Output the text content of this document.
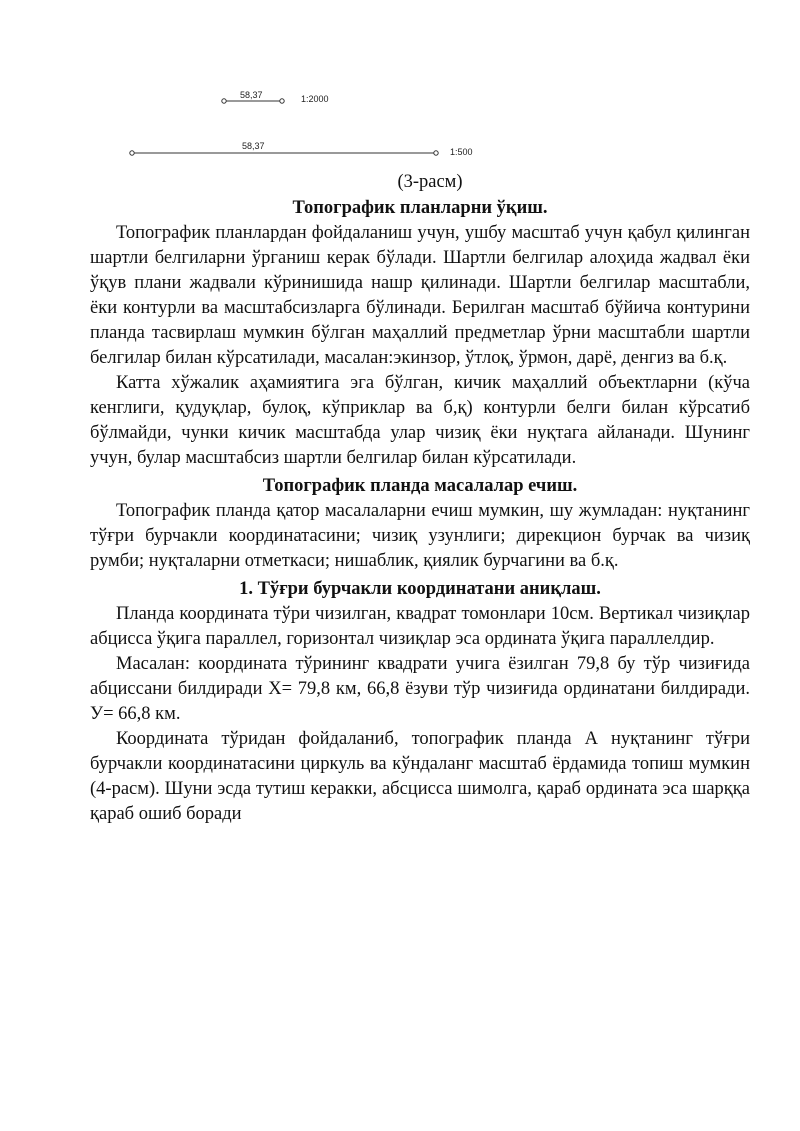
58,37	1:2000
58,37
1:500
(3-расм)
Топографик планларни ўқиш.

Топографик планлардан фойдаланиш учун, ушбу масштаб учун қабул қилинган шартли белгиларни ўрганиш керак бўлади. Шартли белгилар алоҳида жадвал ёки ўқув плани жадвали кўринишида нашр қилинади. Шартли белгилар масштабли, ёки контурли ва масштабсизларга бўлинади. Берилган масштаб бўйича контурини планда тасвирлаш мумкин бўлган маҳаллий предметлар ўрни масштабли шартли белгилар билан кўрсатилади, масалан:экинзор, ўтлоқ, ўрмон, дарё, денгиз ва б.қ.

Катта хўжалик аҳамиятига эга бўлган, кичик маҳаллий объектларни (кўча кенглиги, қудуқлар, булоқ, кўприклар ва б,қ) контурли белги билан кўрсатиб бўлмайди, чунки кичик масштабда улар чизиқ ёки нуқтага айланади. Шунинг учун, булар масштабсиз шартли белгилар билан кўрсатилади.

Топографик планда масалалар ечиш.

Топографик планда қатор масалаларни ечиш мумкин, шу жумладан: нуқтанинг тўғри бурчакли координатасини; чизиқ узунлиги; дирекцион бурчак ва чизиқ румби; нуқталарни отметкаси; нишаблик, қиялик бурчагини ва б.қ.

1. Тўғри бурчакли координатани аниқлаш.

Планда координата тўри чизилган, квадрат томонлари 10см. Вертикал чизиқлар абцисса ўқига параллел, горизонтал чизиқлар эса ордината ўқига параллелдир.

Масалан: координата тўрининг квадрати учига ёзилган 79,8 бу тўр чизиғида абциссани билдиради Х= 79,8 км, 66,8 ёзуви тўр чизиғида ординатани билдиради. У= 66,8 км.

Координата тўридан фойдаланиб, топографик планда А нуқтанинг тўғри бурчакли координатасини циркуль ва кўндаланг масштаб ёрдамида топиш мумкин (4-расм). Шуни эсда тутиш керакки, абсцисса шимолга, қараб ордината эса шарққа қараб ошиб боради
